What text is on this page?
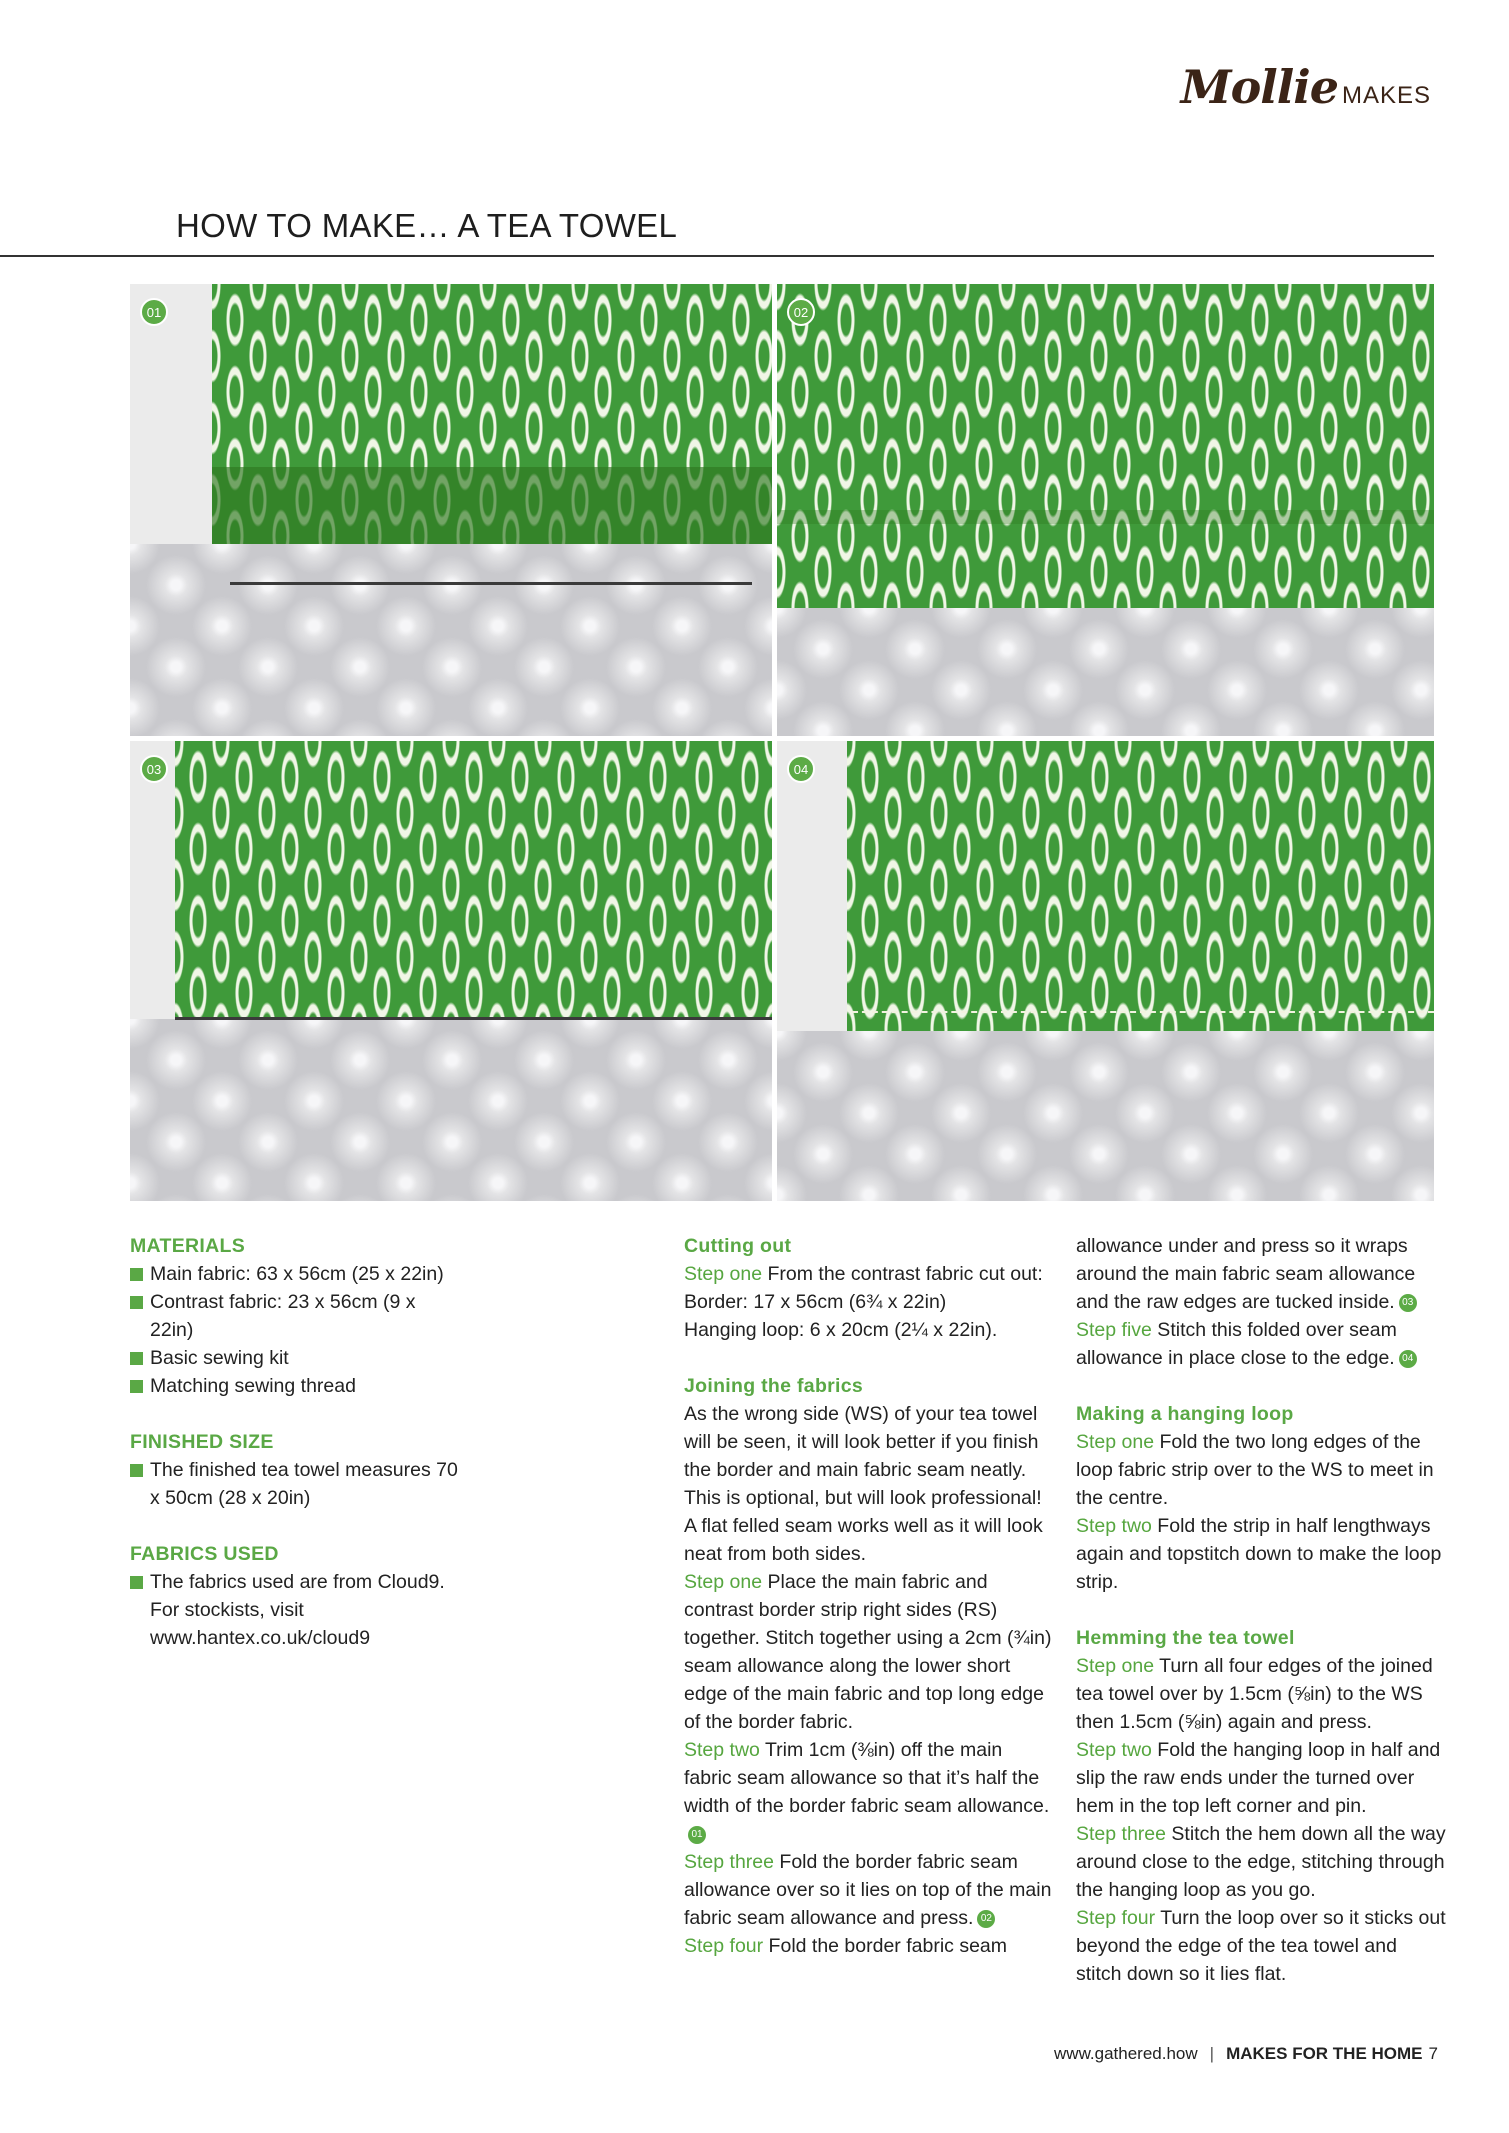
Mollie MAKES
HOW TO MAKE… A TEA TOWEL
01	02
03	04
MATERIALS

Main fabric: 63 x 56cm (25 x 22in)

Contrast fabric: 23 x 56cm (9 x 22in)

Basic sewing kit

Matching sewing thread

FINISHED SIZE

The finished tea towel measures 70 x 50cm (28 x 20in)

FABRICS USED

The fabrics used are from Cloud9. For stockists, visit www.hantex.co.uk/cloud9

Cutting out

Step one From the contrast fabric cut out:

Border: 17 x 56cm (6¾ x 22in)

Hanging loop: 6 x 20cm (2¼ x 22in).

Joining the fabrics

As the wrong side (WS) of your tea towel will be seen, it will look better if you finish the border and main fabric seam neatly. This is optional, but will look professional! A flat felled seam works well as it will look neat from both sides.

Step one Place the main fabric and contrast border strip right sides (RS) together. Stitch together using a 2cm (¾in) seam allowance along the lower short edge of the main fabric and top long edge of the border fabric.

Step two Trim 1cm (⅜in) off the main fabric seam allowance so that it’s half the width of the border fabric seam allowance.01

Step three Fold the border fabric seam allowance over so it lies on top of the main fabric seam allowance and press. 02

Step four Fold the border fabric seam

allowance under and press so it wraps around the main fabric seam allowance and the raw edges are tucked inside. 03

Step five Stitch this folded over seam allowance in place close to the edge. 04

Making a hanging loop

Step one Fold the two long edges of the loop fabric strip over to the WS to meet in the centre.

Step two Fold the strip in half lengthways again and topstitch down to make the loop strip.

Hemming the tea towel

Step one Turn all four edges of the joined tea towel over by 1.5cm (⅝in) to the WS then 1.5cm (⅝in) again and press.

Step two Fold the hanging loop in half and slip the raw ends under the turned over hem in the top left corner and pin.

Step three Stitch the hem down all the way around close to the edge, stitching through the hanging loop as you go.

Step four Turn the loop over so it sticks out beyond the edge of the tea towel and stitch down so it lies flat.

www.gathered.how | MAKES FOR THE HOME 7
